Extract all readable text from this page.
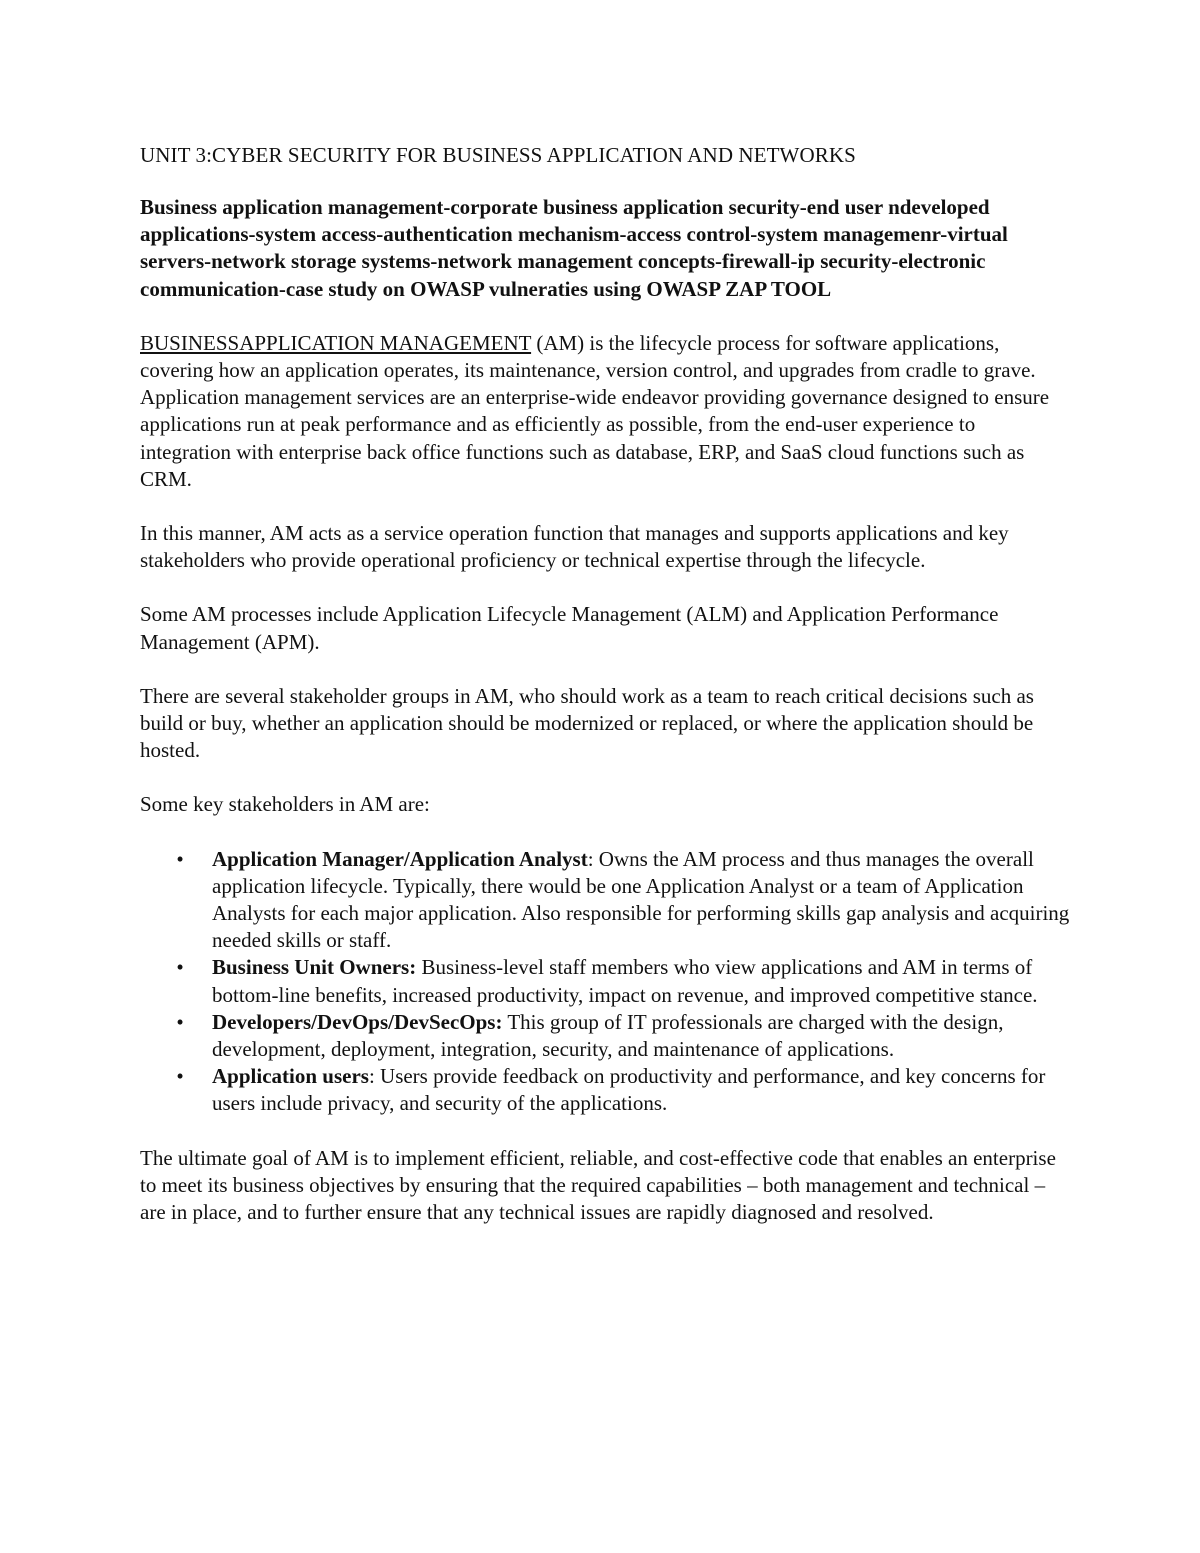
UNIT 3:CYBER SECURITY FOR BUSINESS APPLICATION AND NETWORKS
Business application management-corporate business application security-end user ndeveloped applications-system access-authentication mechanism-access control-system managemenr-virtual servers-network storage systems-network management concepts-firewall-ip security-electronic communication-case study on OWASP vulneraties using OWASP ZAP TOOL

BUSINESSAPPLICATION MANAGEMENT (AM) is the lifecycle process for software applications, covering how an application operates, its maintenance, version control, and upgrades from cradle to grave. Application management services are an enterprise-wide endeavor providing governance designed to ensure applications run at peak performance and as efficiently as possible, from the end-user experience to integration with enterprise back office functions such as database, ERP, and SaaS cloud functions such as CRM.

In this manner, AM acts as a service operation function that manages and supports applications and key stakeholders who provide operational proficiency or technical expertise through the lifecycle.

Some AM processes include Application Lifecycle Management (ALM) and Application Performance Management (APM).

There are several stakeholder groups in AM, who should work as a team to reach critical decisions such as build or buy, whether an application should be modernized or replaced, or where the application should be hosted.

Some key stakeholders in AM are:

•	Application Manager/Application Analyst: Owns the AM process and thus manages the overall application lifecycle. Typically, there would be one Application Analyst or a team of Application Analysts for each major application. Also responsible for performing skills gap analysis and acquiring needed skills or staff.
•	Business Unit Owners: Business-level staff members who view applications and AM in terms of bottom-line benefits, increased productivity, impact on revenue, and improved competitive stance.
•	Developers/DevOps/DevSecOps: This group of IT professionals are charged with the design, development, deployment, integration, security, and maintenance of applications.
•	Application users: Users provide feedback on productivity and performance, and key concerns for users include privacy, and security of the applications.

The ultimate goal of AM is to implement efficient, reliable, and cost-effective code that enables an enterprise to meet its business objectives by ensuring that the required capabilities – both management and technical – are in place, and to further ensure that any technical issues are rapidly diagnosed and resolved.
